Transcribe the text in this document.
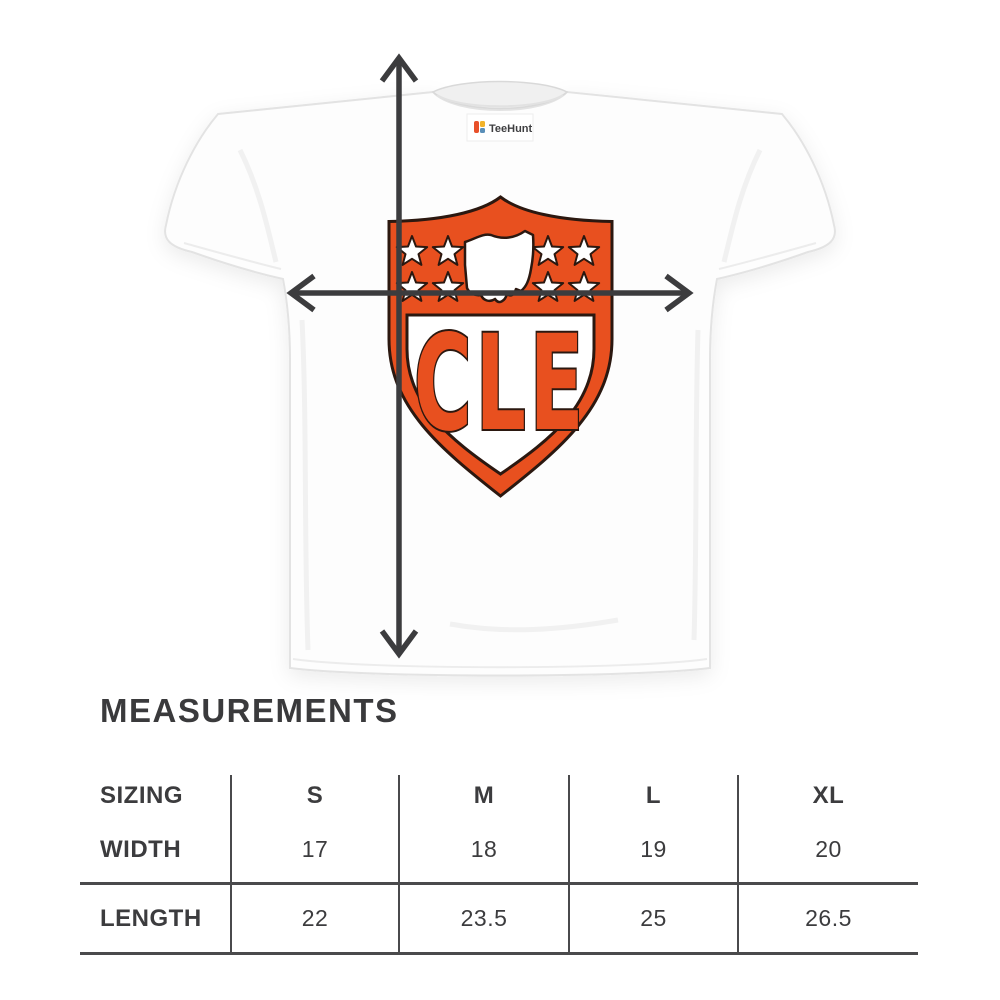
TeeHunt
CLE
MEASUREMENTS
SIZING	S	M	L	XL
WIDTH	17	18	19	20
LENGTH	22	23.5	25	26.5
